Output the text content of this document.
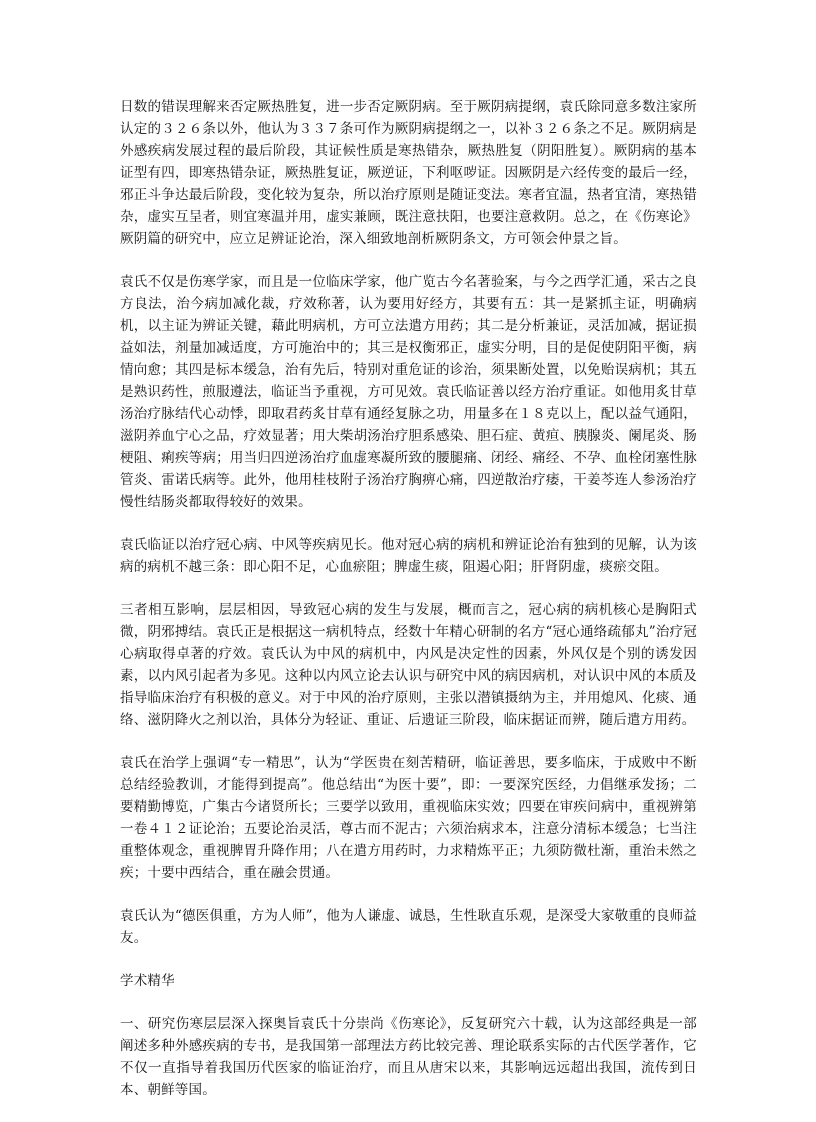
日数的错误理解来否定厥热胜复，进一步否定厥阴病。至于厥阴病提纲，袁氏除同意多数注家所认定的３２６条以外，他认为３３７条可作为厥阴病提纲之一，以补３２６条之不足。厥阴病是外感疾病发展过程的最后阶段，其证候性质是寒热错杂，厥热胜复（阴阳胜复）。厥阴病的基本证型有四，即寒热错杂证，厥热胜复证，厥逆证，下利呕哕证。因厥阴是六经传变的最后一经，邪正斗争达最后阶段，变化较为复杂，所以治疗原则是随证变法。寒者宜温，热者宜清，寒热错杂，虚实互呈者，则宜寒温并用，虚实兼顾，既注意扶阳，也要注意救阴。总之，在《伤寒论》厥阴篇的研究中，应立足辨证论治，深入细致地剖析厥阴条文，方可领会仲景之旨。

袁氏不仅是伤寒学家，而且是一位临床学家，他广览古今名著验案，与今之西学汇通，采古之良方良法，治今病加减化裁，疗效称著，认为要用好经方，其要有五：其一是紧抓主证，明确病机，以主证为辨证关键，藉此明病机，方可立法遣方用药；其二是分析兼证，灵活加减，据证损益如法，剂量加减适度，方可施治中的；其三是权衡邪正，虚实分明，目的是促使阴阳平衡，病情向愈；其四是标本缓急，治有先后，特别对重危证的诊治，须果断处置，以免贻误病机；其五是熟识药性，煎服遵法，临证当予重视，方可见效。袁氏临证善以经方治疗重证。如他用炙甘草汤治疗脉结代心动悸，即取君药炙甘草有通经复脉之功，用量多在１８克以上，配以益气通阳，滋阴养血宁心之品，疗效显著；用大柴胡汤治疗胆系感染、胆石症、黄疸、胰腺炎、阑尾炎、肠梗阻、痢疾等病；用当归四逆汤治疗血虚寒凝所致的腰腿痛、闭经、痛经、不孕、血栓闭塞性脉管炎、雷诺氏病等。此外，他用桂枝附子汤治疗胸痹心痛，四逆散治疗痿，干姜芩连人参汤治疗慢性结肠炎都取得较好的效果。

袁氏临证以治疗冠心病、中风等疾病见长。他对冠心病的病机和辨证论治有独到的见解，认为该病的病机不越三条：即心阳不足，心血瘀阻；脾虚生痰，阻遏心阳；肝肾阴虚，痰瘀交阻。

三者相互影响，层层相因，导致冠心病的发生与发展，概而言之，冠心病的病机核心是胸阳式微，阴邪搏结。袁氏正是根据这一病机特点，经数十年精心研制的名方“冠心通络疏郁丸”治疗冠心病取得卓著的疗效。袁氏认为中风的病机中，内风是决定性的因素，外风仅是个别的诱发因素，以内风引起者为多见。这种以内风立论去认识与研究中风的病因病机，对认识中风的本质及指导临床治疗有积极的意义。对于中风的治疗原则，主张以潜镇摄纳为主，并用熄风、化痰、通络、滋阴降火之剂以治，具体分为轻证、重证、后遗证三阶段，临床据证而辨，随后遣方用药。

袁氏在治学上强调“专一精思”，认为“学医贵在刻苦精研，临证善思，要多临床，于成败中不断总结经验教训，才能得到提高”。他总结出“为医十要”，即：一要深究医经，力倡继承发扬；二要精勤博览，广集古今诸贤所长；三要学以致用，重视临床实效；四要在审疾问病中，重视辨第一卷４１２证论治；五要论治灵活，尊古而不泥古；六须治病求本，注意分清标本缓急；七当注重整体观念，重视脾胃升降作用；八在遣方用药时，力求精炼平正；九须防微杜渐，重治未然之疾；十要中西结合，重在融会贯通。

袁氏认为“德医俱重，方为人师”，他为人谦虚、诚恳，生性耿直乐观，是深受大家敬重的良师益友。

学术精华

一、研究伤寒层层深入探奥旨袁氏十分崇尚《伤寒论》，反复研究六十载，认为这部经典是一部阐述多种外感疾病的专书，是我国第一部理法方药比较完善、理论联系实际的古代医学著作，它不仅一直指导着我国历代医家的临证治疗，而且从唐宋以来，其影响远远超出我国，流传到日本、朝鲜等国。
